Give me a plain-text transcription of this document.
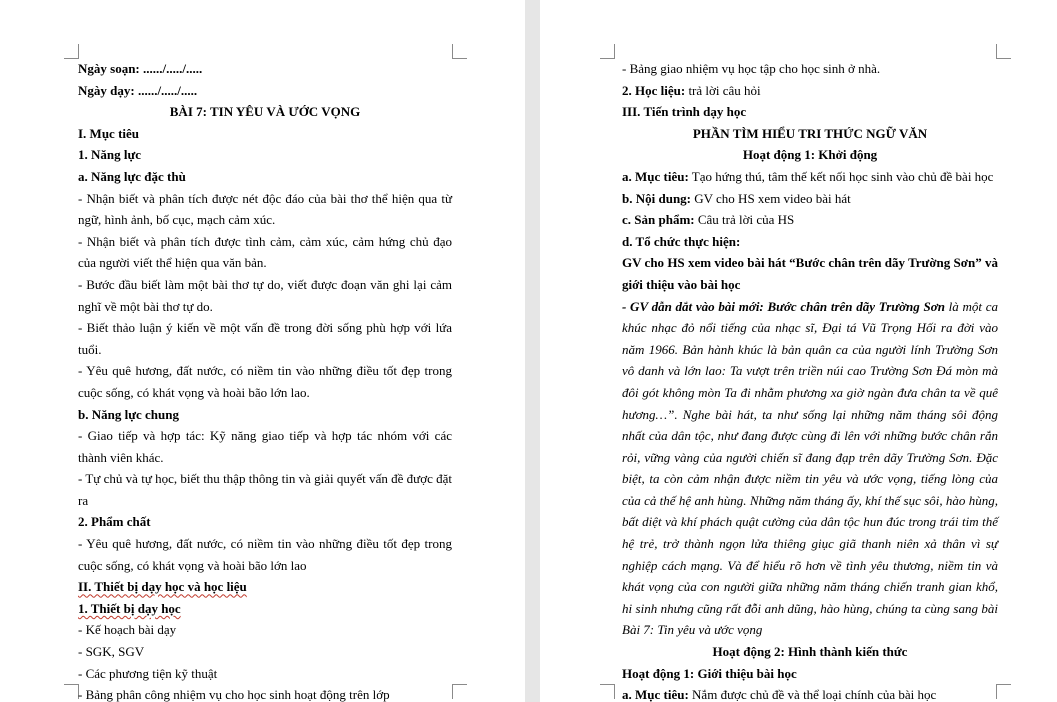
Ngày soạn: ....../...../.....
Ngày dạy: ....../...../.....
BÀI 7: TIN YÊU VÀ ƯỚC VỌNG
I. Mục tiêu
1. Năng lực
a. Năng lực đặc thù
- Nhận biết và phân tích được nét độc đáo của bài thơ thể hiện qua từ ngữ, hình ảnh, bố cục, mạch cảm xúc.
- Nhận biết và phân tích được tình cảm, cảm xúc, cảm hứng chủ đạo của người viết thể hiện qua văn bản.
- Bước đầu biết làm một bài thơ tự do, viết được đoạn văn ghi lại cảm nghĩ về một bài thơ tự do.
- Biết thảo luận ý kiến về một vấn đề trong đời sống phù hợp với lứa tuổi.
- Yêu quê hương, đất nước, có niềm tin vào những điều tốt đẹp trong cuộc sống, có khát vọng và hoài bão lớn lao.
b. Năng lực chung
- Giao tiếp và hợp tác: Kỹ năng giao tiếp và hợp tác nhóm với các thành viên khác.
- Tự chủ và tự học, biết thu thập thông tin và giải quyết vấn đề được đặt ra
2. Phẩm chất
- Yêu quê hương, đất nước, có niềm tin vào những điều tốt đẹp trong cuộc sống, có khát vọng và hoài bão lớn lao
II. Thiết bị dạy học và học liệu
1. Thiết bị dạy học
- Kế hoạch bài dạy
- SGK, SGV
- Các phương tiện kỹ thuật
- Bảng phân công nhiệm vụ cho học sinh hoạt động trên lớp
- Bảng giao nhiệm vụ học tập cho học sinh ở nhà.
2. Học liệu: trả lời câu hỏi
III. Tiến trình dạy học
PHẦN TÌM HIỂU TRI THỨC NGỮ VĂN
Hoạt động 1: Khởi động
a. Mục tiêu: Tạo hứng thú, tâm thế kết nối học sinh vào chủ đề bài học
b. Nội dung: GV cho HS xem video bài hát
c. Sản phẩm: Câu trả lời của HS
d. Tổ chức thực hiện:
GV cho HS xem video bài hát “Bước chân trên dãy Trường Sơn” và giới thiệu vào bài học
- GV dẫn dắt vào bài mới: Bước chân trên dãy Trường Sơn là một ca khúc nhạc đỏ nổi tiếng của nhạc sĩ, Đại tá Vũ Trọng Hối ra đời vào năm 1966. Bản hành khúc là bản quân ca của người lính Trường Sơn vô danh và lớn lao: Ta vượt trên triền núi cao Trường Sơn Đá mòn mà đôi gót không mòn Ta đi nhằm phương xa giờ ngàn đưa chân ta về quê hương…”. Nghe bài hát, ta như sống lại những năm tháng sôi động nhất của dân tộc, như đang được cùng đi lên với những bước chân rắn rỏi, vững vàng của người chiến sĩ đang đạp trên dãy Trường Sơn. Đặc biệt, ta còn cảm nhận được niềm tin yêu và ước vọng, tiếng lòng của của cả thế hệ anh hùng. Những năm tháng ấy, khí thế sục sôi, hào hùng, bất diệt và khí phách quật cường của dân tộc hun đúc trong trái tim thế hệ trẻ, trở thành ngọn lửa thiêng giục giã thanh niên xả thân vì sự nghiệp cách mạng. Và để hiểu rõ hơn về tình yêu thương, niềm tin và khát vọng của con người giữa những năm tháng chiến tranh gian khổ, hi sinh nhưng cũng rất đỗi anh dũng, hào hùng, chúng ta cùng sang bài Bài 7: Tin yêu và ước vọng
Hoạt động 2: Hình thành kiến thức
Hoạt động 1: Giới thiệu bài học
a. Mục tiêu: Nắm được chủ đề và thể loại chính của bài học
